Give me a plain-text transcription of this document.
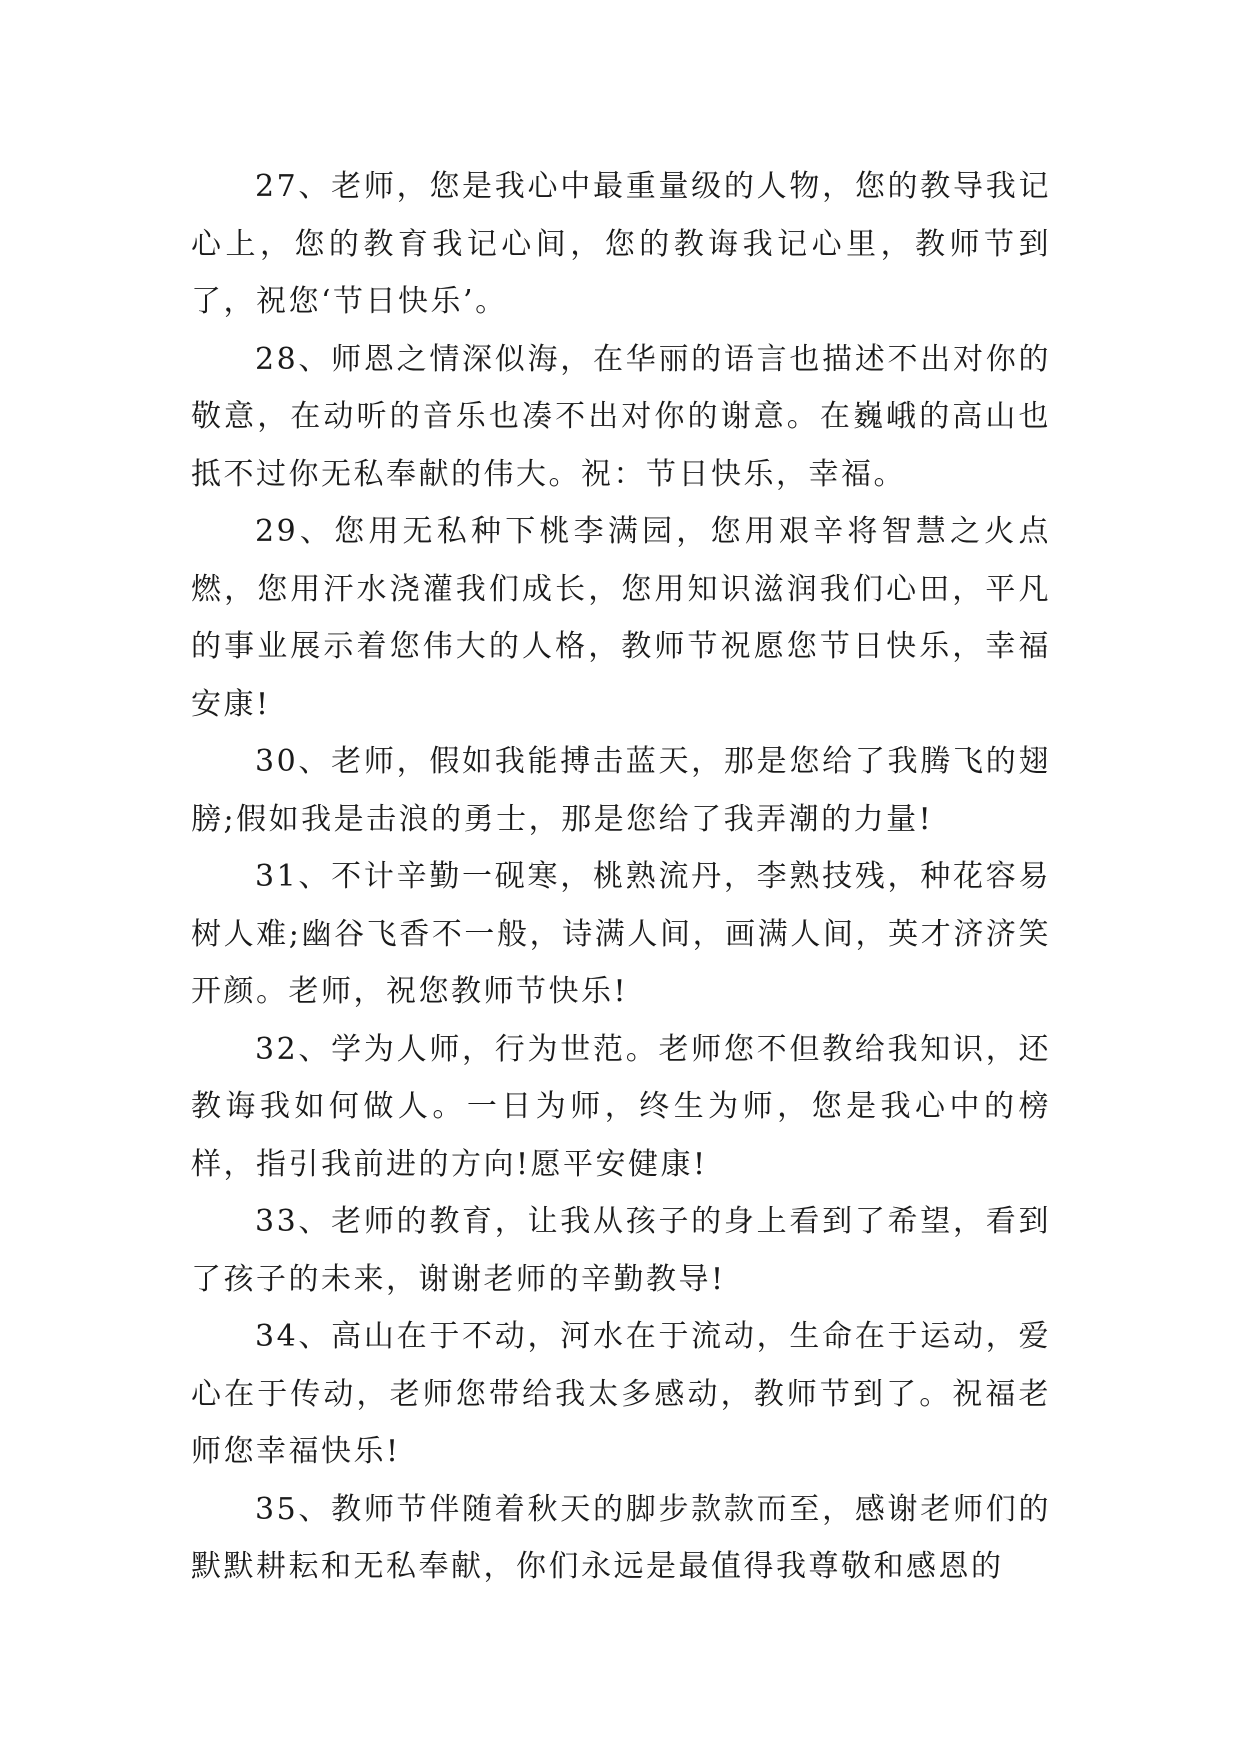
27、老师，您是我心中最重量级的人物，您的教导我记心上，您的教育我记心间，您的教诲我记心里，教师节到了，祝您‘节日快乐’。

28、师恩之情深似海，在华丽的语言也描述不出对你的敬意，在动听的音乐也凑不出对你的谢意。在巍峨的高山也抵不过你无私奉献的伟大。祝：节日快乐，幸福。

29、您用无私种下桃李满园，您用艰辛将智慧之火点燃，您用汗水浇灌我们成长，您用知识滋润我们心田，平凡的事业展示着您伟大的人格，教师节祝愿您节日快乐，幸福安康!

30、老师，假如我能搏击蓝天，那是您给了我腾飞的翅膀;假如我是击浪的勇士，那是您给了我弄潮的力量!

31、不计辛勤一砚寒，桃熟流丹，李熟技残，种花容易树人难;幽谷飞香不一般，诗满人间，画满人间，英才济济笑开颜。老师，祝您教师节快乐!

32、学为人师，行为世范。老师您不但教给我知识，还教诲我如何做人。一日为师，终生为师，您是我心中的榜样，指引我前进的方向!愿平安健康!

33、老师的教育，让我从孩子的身上看到了希望，看到了孩子的未来，谢谢老师的辛勤教导!

34、高山在于不动，河水在于流动，生命在于运动，爱心在于传动，老师您带给我太多感动，教师节到了。祝福老师您幸福快乐!

35、教师节伴随着秋天的脚步款款而至，感谢老师们的默默耕耘和无私奉献，你们永远是最值得我尊敬和感恩的
